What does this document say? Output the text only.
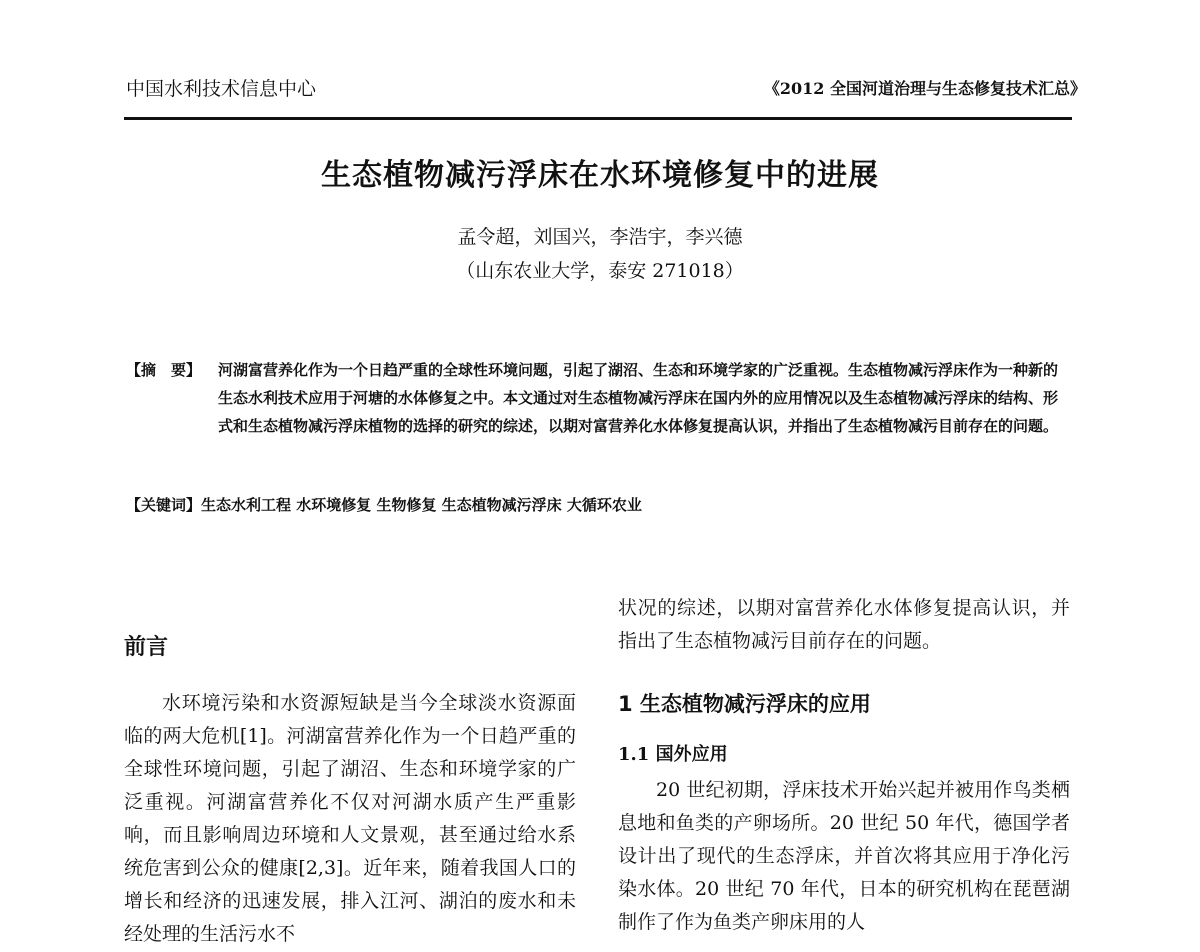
中国水利技术信息中心	《2012 全国河道治理与生态修复技术汇总》
生态植物减污浮床在水环境修复中的进展
孟令超，刘国兴，李浩宇，李兴德
（山东农业大学，泰安 271018）
【摘　要】 河湖富营养化作为一个日趋严重的全球性环境问题，引起了湖沼、生态和环境学家的广泛重视。生态植物减污浮床作为一种新的生态水利技术应用于河塘的水体修复之中。本文通过对生态植物减污浮床在国内外的应用情况以及生态植物减污浮床的结构、形式和生态植物减污浮床植物的选择的研究的综述，以期对富营养化水体修复提高认识，并指出了生态植物减污目前存在的问题。
【关键词】生态水利工程 水环境修复 生物修复 生态植物减污浮床 大循环农业
前言

水环境污染和水资源短缺是当今全球淡水资源面临的两大危机[1]。河湖富营养化作为一个日趋严重的全球性环境问题，引起了湖沼、生态和环境学家的广泛重视。河湖富营养化不仅对河湖水质产生严重影响，而且影响周边环境和人文景观，甚至通过给水系统危害到公众的健康[2,3]。近年来，随着我国人口的增长和经济的迅速发展，排入江河、湖泊的废水和未经处理的生活污水不

状况的综述，以期对富营养化水体修复提高认识，并指出了生态植物减污目前存在的问题。

1 生态植物减污浮床的应用
1.1 国外应用

20 世纪初期，浮床技术开始兴起并被用作鸟类栖息地和鱼类的产卵场所。20 世纪 50 年代，德国学者设计出了现代的生态浮床，并首次将其应用于净化污染水体。20 世纪 70 年代，日本的研究机构在琵琶湖制作了作为鱼类产卵床用的人
